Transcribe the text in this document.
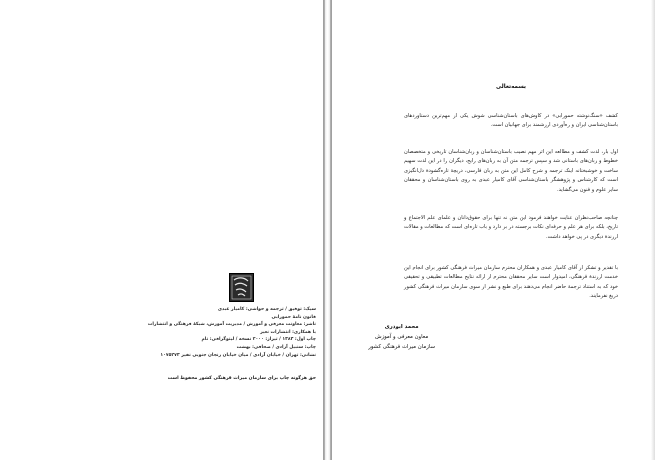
سیک: توفیق / ترجمه و حواشی: کامیار عبدی
قانون نامهٔ حمورابی
ناشر: معاونت معرفی و آموزش / مدیریت آموزش، شبکهٔ فرهنگی و انتشارات
با همکاری: انتشارات نعیر
چاپ اول: ۱۳۸۳ / تیراژ: ۲۰۰۰ نسخه / لیتوگرافی: تام
چاپ: سنبیل آزادی / صحافی: بهشت
نشانی: تهران / خیابان آزادی / میان خیابان زنجان جنوبی نفیر ۱۰۷۵۲۷۳
حق هرگونه چاپ برای سازمان میراث فرهنگی کشور محفوظ است
بسمه‌تعالی
کشف «سنگ‌نوشته حمورابی» در کاوش‌های باستان‌شناسی شوش یکی از مهم‌ترین دستاوردهای باستان‌شناسی ایران و ره‌آوردی ارزشمند برای جهانیان است.
اول بار، لذت کشف و مطالعه این اثر مهم نصیب باستان‌شناسان و زبان‌شناسان تاریخی و متخصصان خطوط و زبان‌های باستانی شد و سپس ترجمه متن آن به زبان‌های رایج، دیگران را در این لذت سهیم ساخت و خوشبختانه اینک ترجمه و شرح کامل این متن به زبان فارسی، دریچهٔ تازه‌گشودهٔ دل‌انگیزی است که کارشناس و پژوهشگر باستان‌شناسی آقای کامیار عبدی به روی باستان‌شناسان و محققان سایر علوم و فنون می‌گشاید.
چنانچه صاحب‌نظران عنایت خواهند فرمود این متن نه تنها برای حقوق‌دانان و علمای علم الاجتماع و تاریخ، بلکه برای هر علم و حرفه‌ای نکات برجسته در بر دارد و باب تازه‌ای است که مطالعات و مقالات ارزندهٔ دیگری در پی خواهد داشت.
با تقدیر و تشکر از آقای کامیار عبدی و همکاران محترم سازمان میراث فرهنگی کشور برای انجام این خدمت ارزندهٔ فرهنگی، امیدوار است سایر محققان محترم از ارائه نتایج مطالعات تطبیقی و تحقیقی خود که به استناد ترجمهٔ حاضر انجام می‌دهند برای طبع و نشر از سوی سازمان میراث فرهنگی کشور دریغ نفرمایند.
محمد ابوذری
معاون معرفی و آموزش
سازمان میراث فرهنگی کشور
